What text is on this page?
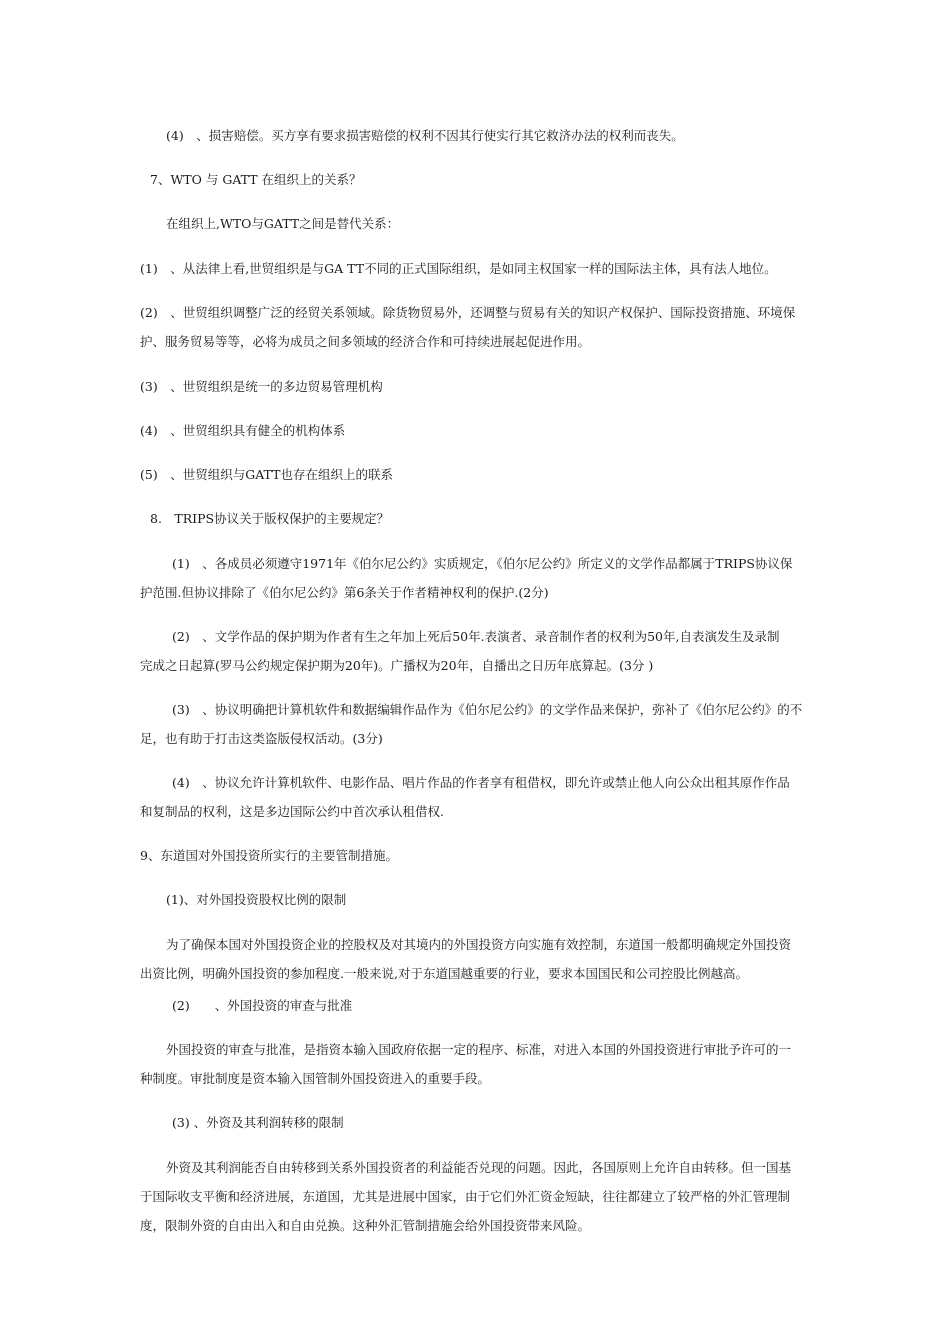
(4)　、损害赔偿。买方享有要求损害赔偿的权利不因其行使实行其它救济办法的权利而丧失。

7、WTO 与 GATT 在组织上的关系？

在组织上,WTO与GATT之间是替代关系：

(1)　、从法律上看,世贸组织是与GA TT不同的正式国际组织，是如同主权国家一样的国际法主体，具有法人地位。

(2)　、世贸组织调整广泛的经贸关系领域。除货物贸易外，还调整与贸易有关的知识产权保护、国际投资措施、环境保

护、服务贸易等等，必将为成员之间多领域的经济合作和可持续进展起促进作用。

(3)　、世贸组织是统一的多边贸易管理机构

(4)　、世贸组织具有健全的机构体系

(5)　、世贸组织与GATT也存在组织上的联系

8.　TRIPS协议关于版权保护的主要规定？

(1)　、各成员必须遵守1971年《伯尔尼公约》实质规定，《伯尔尼公约》所定义的文学作品都属于TRIPS协议保

护范围.但协议排除了《伯尔尼公约》第6条关于作者精神权利的保护.(2分)

(2)　、文学作品的保护期为作者有生之年加上死后50年.表演者、录音制作者的权利为50年,自表演发生及录制

完成之日起算(罗马公约规定保护期为20年)。广播权为20年，自播出之日历年底算起。(3分 )

(3)　、协议明确把计算机软件和数据编辑作品作为《伯尔尼公约》的文学作品来保护，弥补了《伯尔尼公约》的不

足，也有助于打击这类盗版侵权活动。(3分)

(4)　、协议允许计算机软件、电影作品、唱片作品的作者享有租借权，即允许或禁止他人向公众出租其原作作品

和复制品的权利，这是多边国际公约中首次承认租借权.

9、东道国对外国投资所实行的主要管制措施。

(1)、对外国投资股权比例的限制

为了确保本国对外国投资企业的控股权及对其境内的外国投资方向实施有效控制，东道国一般都明确规定外国投资

出资比例，明确外国投资的参加程度.一般来说,对于东道国越重要的行业，要求本国国民和公司控股比例越高。

(2)　　、外国投资的审查与批准

外国投资的审查与批准，是指资本输入国政府依据一定的程序、标准，对进入本国的外国投资进行审批予许可的一

种制度。审批制度是资本输入国管制外国投资进入的重要手段。

(3) 、外资及其利润转移的限制

外资及其利润能否自由转移到关系外国投资者的利益能否兑现的问题。因此，各国原则上允许自由转移。但一国基

于国际收支平衡和经济进展，东道国，尤其是进展中国家，由于它们外汇资金短缺，往往都建立了较严格的外汇管理制

度，限制外资的自由出入和自由兑换。这种外汇管制措施会给外国投资带来风险。
